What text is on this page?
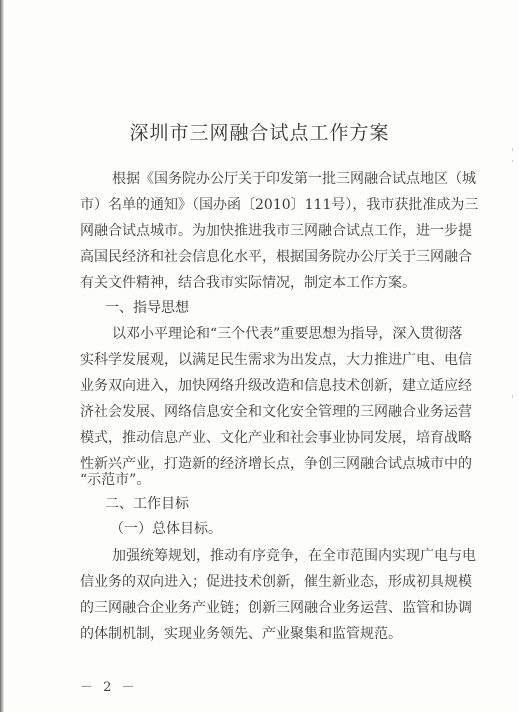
深圳市三网融合试点工作方案
根据《国务院办公厅关于印发第一批三网融合试点地区（城
市）名单的通知》（国办函〔2010〕111号），我市获批准成为三
网融合试点城市。为加快推进我市三网融合试点工作，进一步提
高国民经济和社会信息化水平，根据国务院办公厅关于三网融合
有关文件精神，结合我市实际情况，制定本工作方案。
一、指导思想
以邓小平理论和“三个代表”重要思想为指导，深入贯彻落
实科学发展观，以满足民生需求为出发点，大力推进广电、电信
业务双向进入，加快网络升级改造和信息技术创新，建立适应经
济社会发展、网络信息安全和文化安全管理的三网融合业务运营
模式，推动信息产业、文化产业和社会事业协同发展，培育战略
性新兴产业，打造新的经济增长点，争创三网融合试点城市中的
“示范市”。
二、工作目标
（一）总体目标。
加强统筹规划，推动有序竞争，在全市范围内实现广电与电
信业务的双向进入；促进技术创新，催生新业态，形成初具规模
的三网融合企业务产业链；创新三网融合业务运营、监管和协调
的体制机制，实现业务领先、产业聚集和监管规范。
－ 2 －
